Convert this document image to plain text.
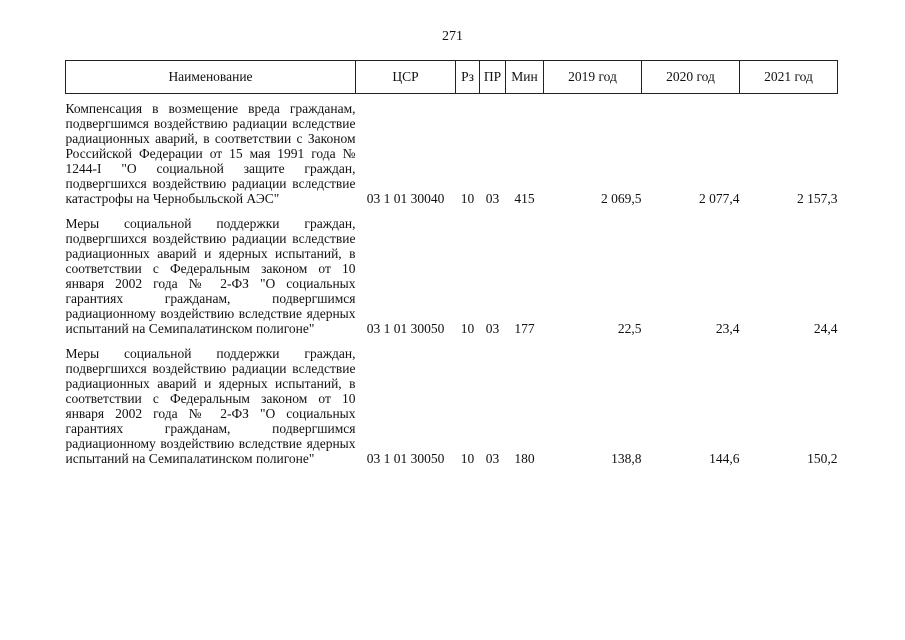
271
Наименование	ЦСР	Рз	ПР	Мин	2019 год	2020 год	2021 год

Компенсация в возмещение вреда гражданам, подвергшимся воздействию радиации вследствие радиационных аварий, в соответствии с Законом Российской Федерации от 15 мая 1991 года № 1244-I "О социальной защите граждан, подвергшихся воздействию радиации вследствие катастрофы на Чернобыльской АЭС"	03 1 01 30040	10	03	415	2 069,5	2 077,4	2 157,3

Меры социальной поддержки граждан, подвергшихся воздействию радиации вследствие радиационных аварий и ядерных испытаний, в соответствии с Федеральным законом от 10 января 2002 года № 2-ФЗ "О социальных гарантиях гражданам, подвергшимся радиационному воздействию вследствие ядерных испытаний на Семипалатинском полигоне"	03 1 01 30050	10	03	177	22,5	23,4	24,4

Меры социальной поддержки граждан, подвергшихся воздействию радиации вследствие радиационных аварий и ядерных испытаний, в соответствии с Федеральным законом от 10 января 2002 года № 2-ФЗ "О социальных гарантиях гражданам, подвергшимся радиационному воздействию вследствие ядерных испытаний на Семипалатинском полигоне"	03 1 01 30050	10	03	180	138,8	144,6	150,2
